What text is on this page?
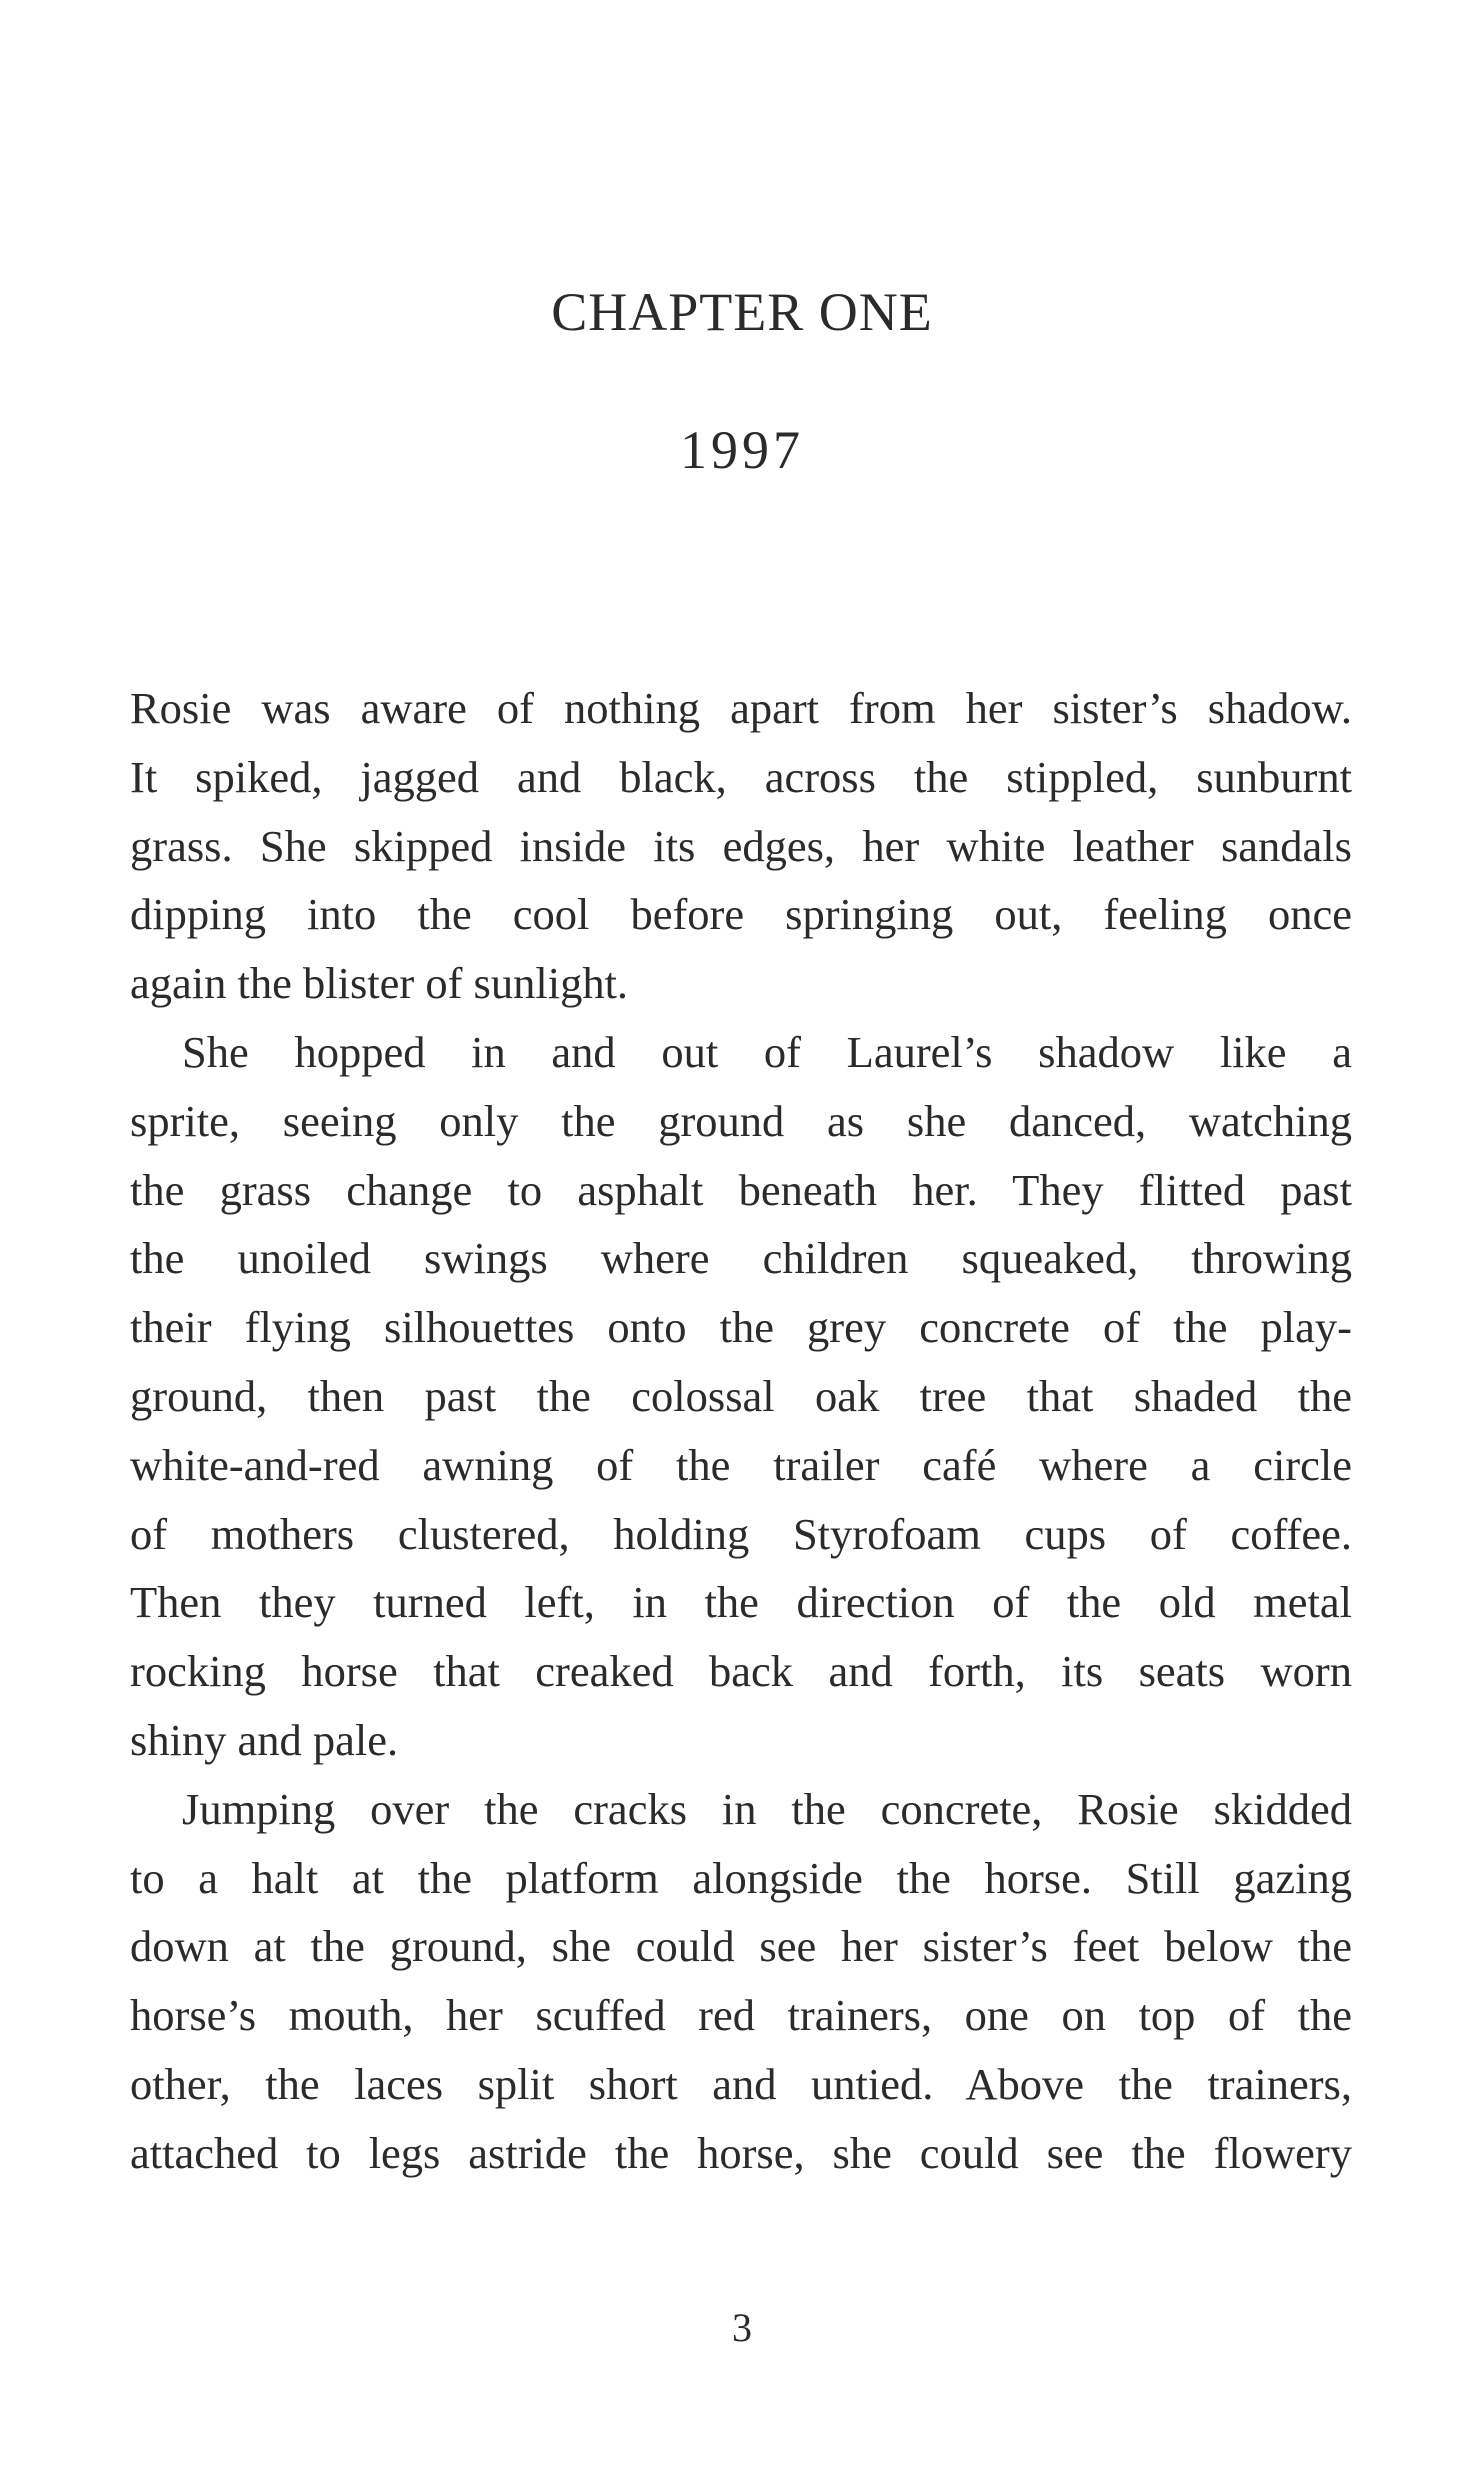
CHAPTER ONE
1997
Rosie was aware of nothing apart from her sister’s shadow.
It spiked, jagged and black, across the stippled, sunburnt
grass. She skipped inside its edges, her white leather sandals
dipping into the cool before springing out, feeling once
again the blister of sunlight.
She hopped in and out of Laurel’s shadow like a
sprite, seeing only the ground as she danced, watching
the grass change to asphalt beneath her. They flitted past
the unoiled swings where children squeaked, throwing
their flying silhouettes onto the grey concrete of the play-
ground, then past the colossal oak tree that shaded the
white-and-red awning of the trailer café where a circle
of mothers clustered, holding Styrofoam cups of coffee.
Then they turned left, in the direction of the old metal
rocking horse that creaked back and forth, its seats worn
shiny and pale.
Jumping over the cracks in the concrete, Rosie skidded
to a halt at the platform alongside the horse. Still gazing
down at the ground, she could see her sister’s feet below the
horse’s mouth, her scuffed red trainers, one on top of the
other, the laces split short and untied. Above the trainers,
attached to legs astride the horse, she could see the flowery
3
